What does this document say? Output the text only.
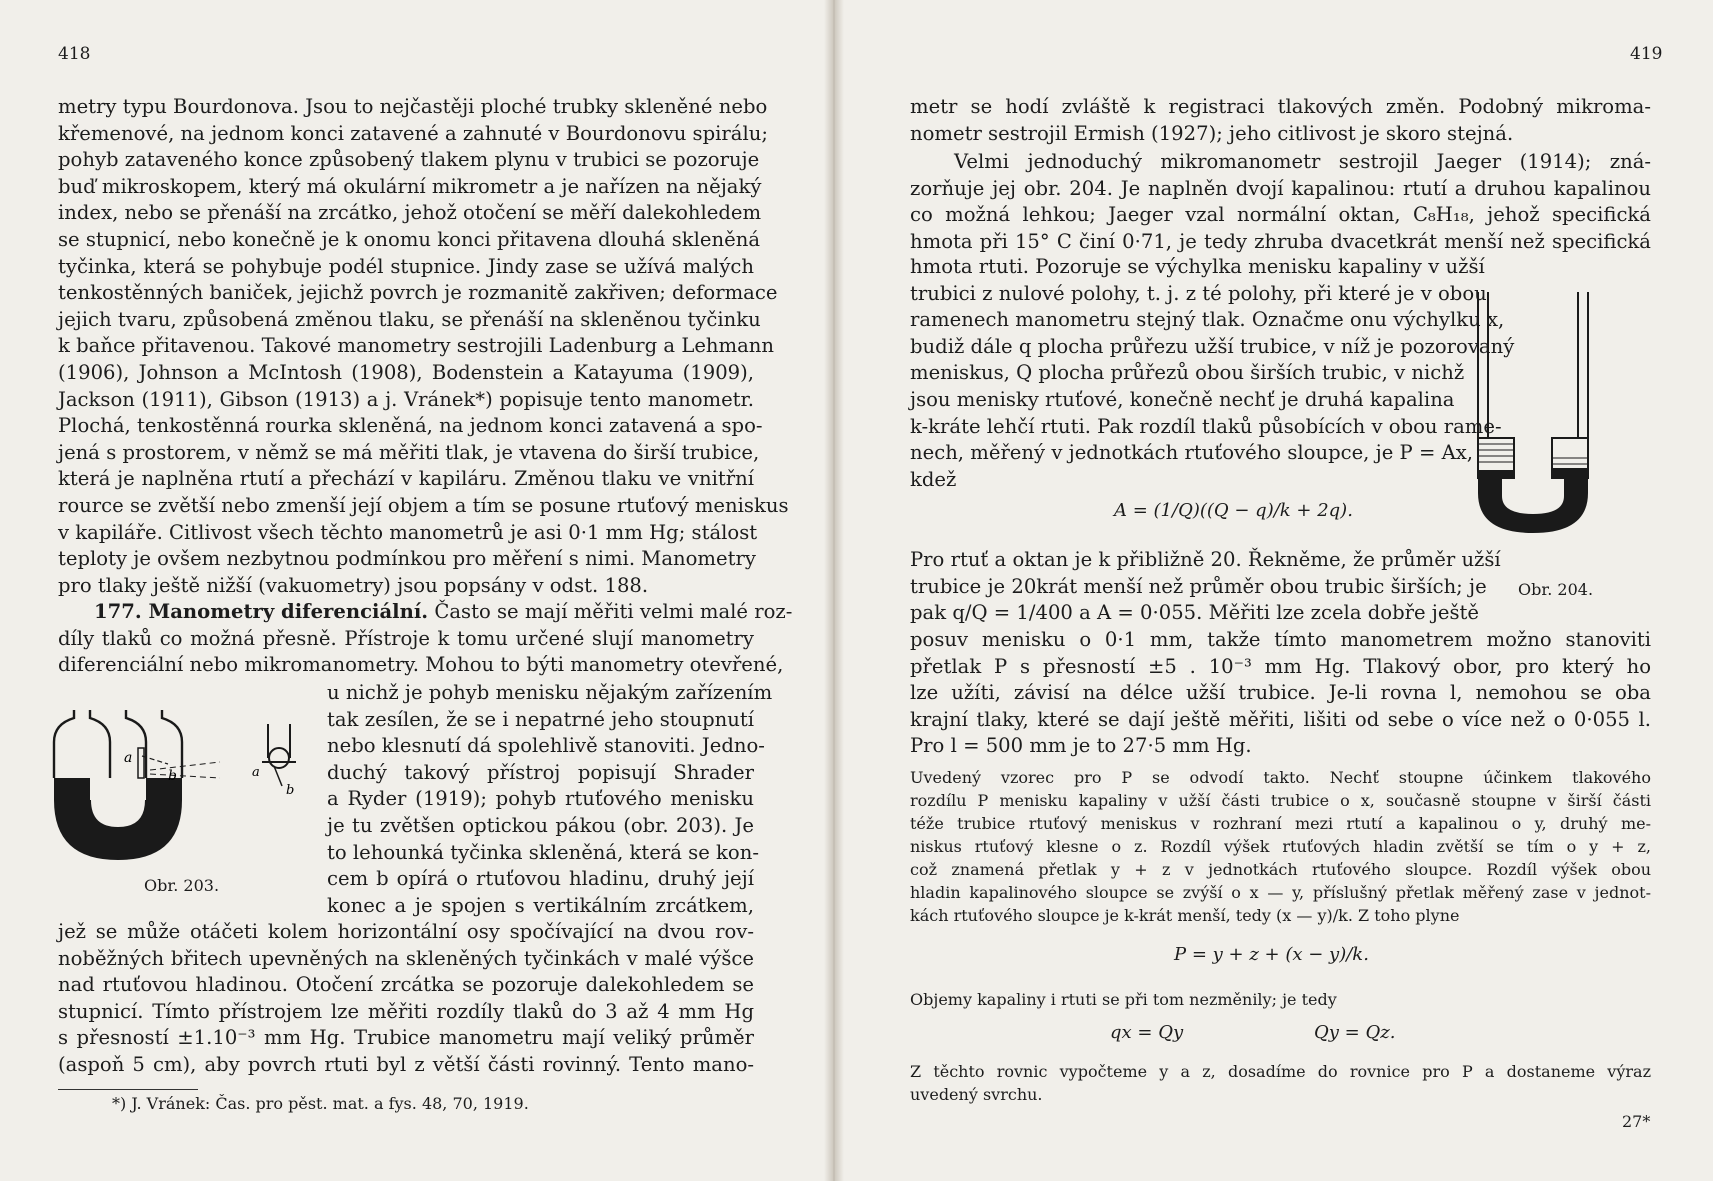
418
metry typu Bourdonova. Jsou to nejčastěji ploché trubky skleněné nebo
křemenové, na jednom konci zatavené a zahnuté v Bourdonovu spirálu;
pohyb zataveného konce způsobený tlakem plynu v trubici se pozoruje
buď mikroskopem, který má okulární mikrometr a je nařízen na nějaký
index, nebo se přenáší na zrcátko, jehož otočení se měří dalekohledem
se stupnicí, nebo konečně je k onomu konci přitavena dlouhá skleněná
tyčinka, která se pohybuje podél stupnice. Jindy zase se užívá malých
tenkostěnných baniček, jejichž povrch je rozmanitě zakřiven; deformace
jejich tvaru, způsobená změnou tlaku, se přenáší na skleněnou tyčinku
k baňce přitavenou. Takové manometry sestrojili Ladenburg a Lehmann
(1906), Johnson a McIntosh (1908), Bodenstein a Katayuma (1909),
Jackson (1911), Gibson (1913) a j. Vránek*) popisuje tento manometr.
Plochá, tenkostěnná rourka skleněná, na jednom konci zatavená a spo-
jená s prostorem, v němž se má měřiti tlak, je vtavena do širší trubice,
která je naplněna rtutí a přechází v kapiláru. Změnou tlaku ve vnitřní
rource se zvětší nebo zmenší její objem a tím se posune rtuťový meniskus
v kapiláře. Citlivost všech těchto manometrů je asi 0·1 mm Hg; stálost
teploty je ovšem nezbytnou podmínkou pro měření s nimi. Manometry
pro tlaky ještě nižší (vakuometry) jsou popsány v odst. 188.
177. Manometry diferenciální. Často se mají měřiti velmi malé roz-
díly tlaků co možná přesně. Přístroje k tomu určené slují manometry
diferenciální nebo mikromanometry. Mohou to býti manometry otevřené,
u nichž je pohyb menisku nějakým zařízením
tak zesílen, že se i nepatrné jeho stoupnutí
nebo klesnutí dá spolehlivě stanoviti. Jedno-
duchý takový přístroj popisují Shrader
a Ryder (1919); pohyb rtuťového menisku
je tu zvětšen optickou pákou (obr. 203). Je
to lehounká tyčinka skleněná, která se kon-
cem b opírá o rtuťovou hladinu, druhý její
konec a je spojen s vertikálním zrcátkem,
jež se může otáčeti kolem horizontální osy spočívající na dvou rov-
noběžných břitech upevněných na skleněných tyčinkách v malé výšce
nad rtuťovou hladinou. Otočení zrcátka se pozoruje dalekohledem se
stupnicí. Tímto přístrojem lze měřiti rozdíly tlaků do 3 až 4 mm Hg
s přesností ±1.10⁻³ mm Hg. Trubice manometru mají veliký průměr
(aspoň 5 cm), aby povrch rtuti byl z větší části rovinný. Tento mano-
a
b	a
b
Obr. 203.
*) J. Vránek: Čas. pro pěst. mat. a fys. 48, 70, 1919.
419
metr se hodí zvláště k registraci tlakových změn. Podobný mikroma-
nometr sestrojil Ermish (1927); jeho citlivost je skoro stejná.
Velmi jednoduchý mikromanometr sestrojil Jaeger (1914); zná-
zorňuje jej obr. 204. Je naplněn dvojí kapalinou: rtutí a druhou kapalinou
co možná lehkou; Jaeger vzal normální oktan, C₈H₁₈, jehož specifická
hmota při 15° C činí 0·71, je tedy zhruba dvacetkrát menší než specifická
hmota rtuti. Pozoruje se výchylka menisku kapaliny v užší
trubici z nulové polohy, t. j. z té polohy, při které je v obou
ramenech manometru stejný tlak. Označme onu výchylku x,
budiž dále q plocha průřezu užší trubice, v níž je pozorovaný
meniskus, Q plocha průřezů obou širších trubic, v nichž
jsou menisky rtuťové, konečně nechť je druhá kapalina
k-kráte lehčí rtuti. Pak rozdíl tlaků působících v obou rame-
nech, měřený v jednotkách rtuťového sloupce, je P = Ax,
kdež
A = (1/Q)((Q − q)/k + 2q).
Pro rtuť a oktan je k přibližně 20. Řekněme, že průměr užší
trubice je 20krát menší než průměr obou trubic širších; je
pak q/Q = 1/400 a A = 0·055. Měřiti lze zcela dobře ještě
posuv menisku o 0·1 mm, takže tímto manometrem možno stanoviti
přetlak P s přesností ±5 . 10⁻³ mm Hg. Tlakový obor, pro který ho
lze užíti, závisí na délce užší trubice. Je-li rovna l, nemohou se oba
krajní tlaky, které se dají ještě měřiti, lišiti od sebe o více než o 0·055 l.
Pro l = 500 mm je to 27·5 mm Hg.
Uvedený vzorec pro P se odvodí takto. Nechť stoupne účinkem tlakového
rozdílu P menisku kapaliny v užší části trubice o x, současně stoupne v širší části
téže trubice rtuťový meniskus v rozhraní mezi rtutí a kapalinou o y, druhý me-
niskus rtuťový klesne o z. Rozdíl výšek rtuťových hladin zvětší se tím o y + z,
což znamená přetlak y + z v jednotkách rtuťového sloupce. Rozdíl výšek obou
hladin kapalinového sloupce se zvýší o x — y, příslušný přetlak měřený zase v jednot-
kách rtuťového sloupce je k-krát menší, tedy (x — y)/k. Z toho plyne
P = y + z + (x − y)/k.
Objemy kapaliny i rtuti se při tom nezměnily; je tedy
qx = Qy	Qy = Qz.
Z těchto rovnic vypočteme y a z, dosadíme do rovnice pro P a dostaneme výraz
uvedený svrchu.
27*
Obr. 204.
